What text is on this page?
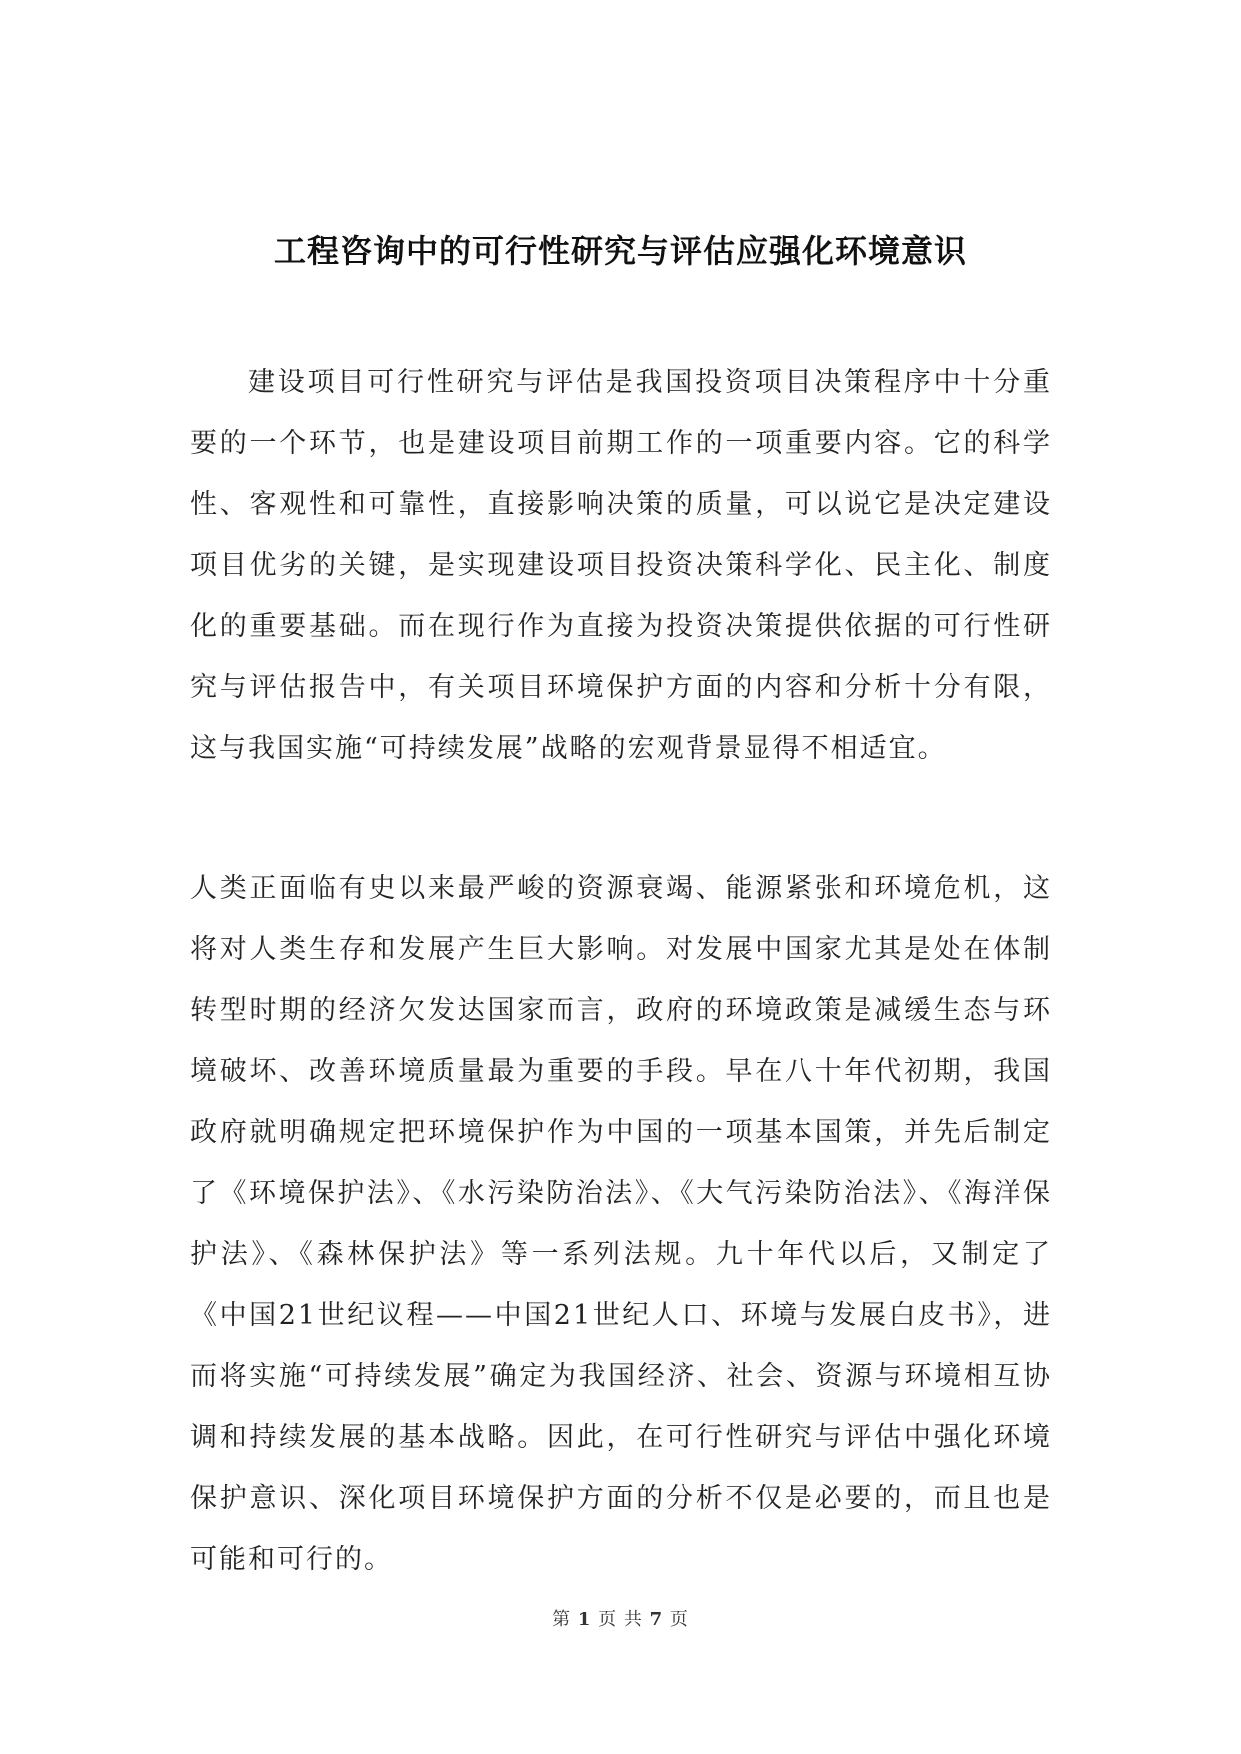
工程咨询中的可行性研究与评估应强化环境意识

建设项目可行性研究与评估是我国投资项目决策程序中十分重要的一个环节，也是建设项目前期工作的一项重要内容。它的科学性、客观性和可靠性，直接影响决策的质量，可以说它是决定建设项目优劣的关键，是实现建设项目投资决策科学化、民主化、制度化的重要基础。而在现行作为直接为投资决策提供依据的可行性研究与评估报告中，有关项目环境保护方面的内容和分析十分有限，这与我国实施“可持续发展”战略的宏观背景显得不相适宜。

人类正面临有史以来最严峻的资源衰竭、能源紧张和环境危机，这将对人类生存和发展产生巨大影响。对发展中国家尤其是处在体制转型时期的经济欠发达国家而言，政府的环境政策是减缓生态与环境破坏、改善环境质量最为重要的手段。早在八十年代初期，我国政府就明确规定把环境保护作为中国的一项基本国策，并先后制定了《环境保护法》、《水污染防治法》、《大气污染防治法》、《海洋保护法》、《森林保护法》等一系列法规。九十年代以后，又制定了《中国21世纪议程——中国21世纪人口、环境与发展白皮书》，进而将实施“可持续发展”确定为我国经济、社会、资源与环境相互协调和持续发展的基本战略。因此，在可行性研究与评估中强化环境保护意识、深化项目环境保护方面的分析不仅是必要的，而且也是可能和可行的。

第 1 页 共 7 页
